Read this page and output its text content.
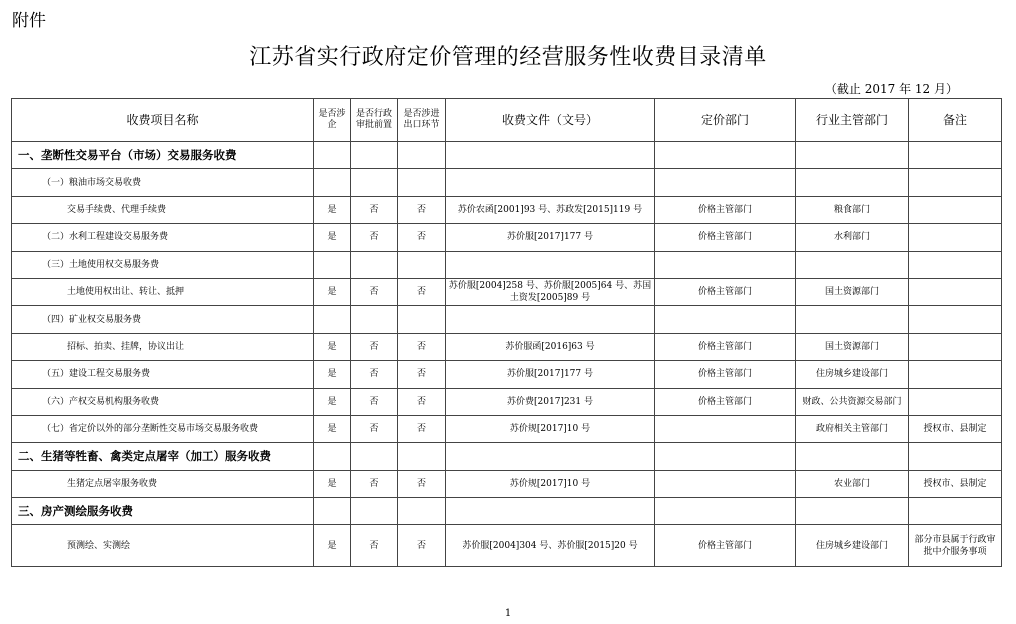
附件
江苏省实行政府定价管理的经营服务性收费目录清单
（截止 2017 年 12 月）
收费项目名称	是否涉企	是否行政审批前置	是否涉进出口环节	收费文件（文号）	定价部门	行业主管部门	备注
一、垄断性交易平台（市场）交易服务收费							
（一）粮油市场交易收费							
交易手续费、代理手续费	是	否	否	苏价农函[2001]93 号、苏政发[2015]119 号	价格主管部门	粮食部门	
（二）水利工程建设交易服务费	是	否	否	苏价服[2017]177 号	价格主管部门	水利部门	
（三）土地使用权交易服务费							
土地使用权出让、转让、抵押	是	否	否	苏价服[2004]258 号、苏价服[2005]64 号、苏国土资发[2005]89 号	价格主管部门	国土资源部门	
（四）矿业权交易服务费							
招标、拍卖、挂牌，协议出让	是	否	否	苏价服函[2016]63 号	价格主管部门	国土资源部门	
（五）建设工程交易服务费	是	否	否	苏价服[2017]177 号	价格主管部门	住房城乡建设部门	
（六）产权交易机构服务收费	是	否	否	苏价费[2017]231 号	价格主管部门	财政、公共资源交易部门	
（七）省定价以外的部分垄断性交易市场交易服务收费	是	否	否	苏价规[2017]10 号		政府相关主管部门	授权市、县制定
二、生猪等牲畜、禽类定点屠宰（加工）服务收费							
生猪定点屠宰服务收费	是	否	否	苏价规[2017]10 号		农业部门	授权市、县制定
三、房产测绘服务收费							
预测绘、实测绘	是	否	否	苏价服[2004]304 号、苏价服[2015]20 号	价格主管部门	住房城乡建设部门	部分市县属于行政审批中介服务事项
1
